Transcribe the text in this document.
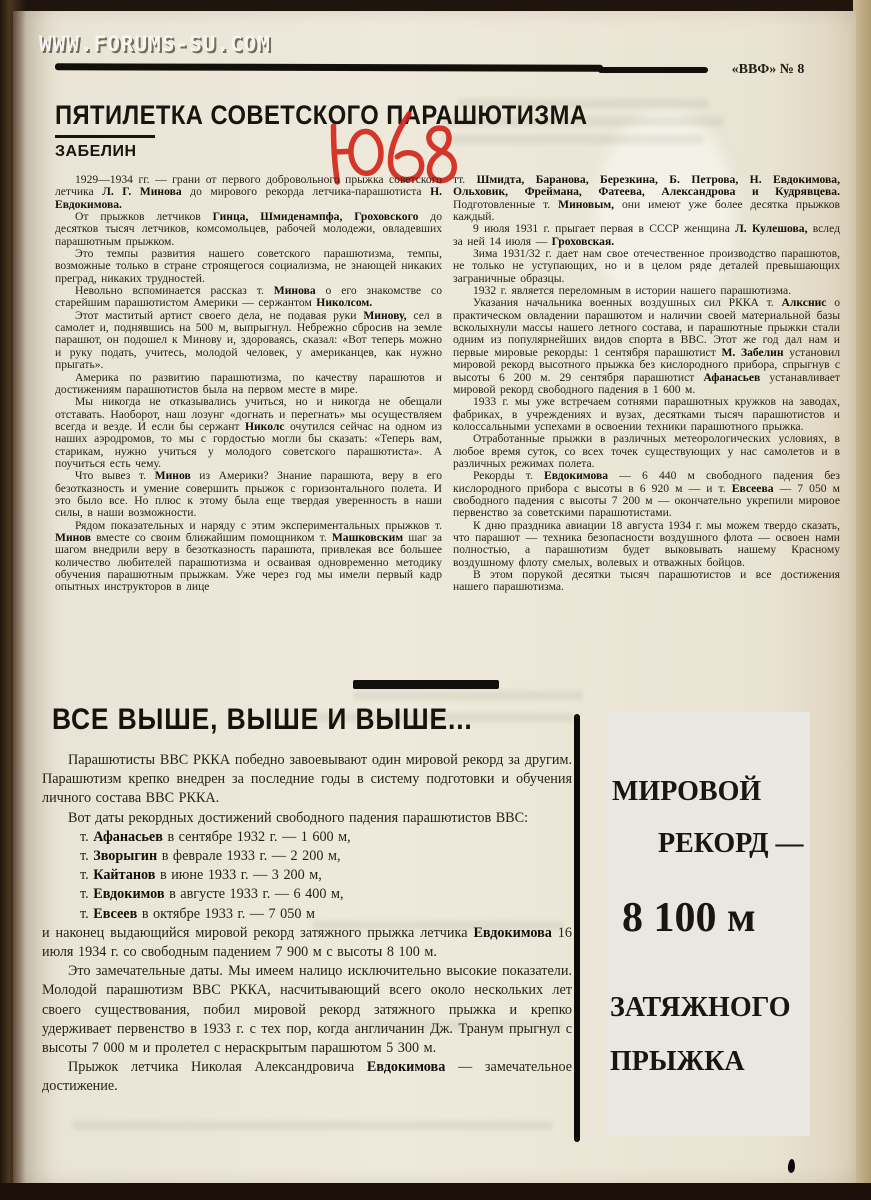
WWW.FORUMS-SU.COM
«ВВФ» № 8
ПЯТИЛЕТКА СОВЕТСКОГО ПАРАШЮТИЗМА
ЗАБЕЛИН

1929—1934 гг. — грани от первого добровольного прыжка советского летчика Л. Г. Минова до мирового рекорда летчика-парашютиста Н. Евдокимова.

От прыжков летчиков Гинца, Шмиденампфа, Гроховского до десятков тысяч летчиков, комсомольцев, рабочей молодежи, овладевших парашютным прыжком.

Это темпы развития нашего советского парашютизма, темпы, возможные только в стране строящегося социализма, не знающей никаких преград, никаких трудностей.

Невольно вспоминается рассказ т. Минова о его знакомстве со старейшим парашютистом Америки — сержантом Николсом.

Этот маститый артист своего дела, не подавая руки Минову, сел в самолет и, поднявшись на 500 м, выпрыгнул. Небрежно сбросив на земле парашют, он подошел к Минову и, здороваясь, сказал: «Вот теперь можно и руку подать, учитесь, молодой человек, у американцев, как нужно прыгать».

Америка по развитию парашютизма, по качеству парашютов и достижениям парашютистов была на первом месте в мире.

Мы никогда не отказывались учиться, но и никогда не обещали отставать. Наоборот, наш лозунг «догнать и перегнать» мы осуществляем всегда и везде. И если бы сержант Николс очутился сейчас на одном из наших аэродромов, то мы с гордостью могли бы сказать: «Теперь вам, старикам, нужно учиться у молодого советского парашютиста». А поучиться есть чему.

Что вывез т. Минов из Америки? Знание парашюта, веру в его безотказность и умение совершить прыжок с горизонтального полета. И это было все. Но плюс к этому была еще твердая уверенность в наши силы, в наши возможности.

Рядом показательных и наряду с этим экспериментальных прыжков т. Минов вместе со своим ближайшим помощником т. Машковским шаг за шагом внедрили веру в безотказность парашюта, привлекая все большее количество любителей парашютизма и осваивая одновременно методику обучения парашютным прыжкам. Уже через год мы имели первый кадр опытных инструкторов в лице

тт. Шмидта, Баранова, Березкина, Б. Петрова, Н. Евдокимова, Ольховик, Фреймана, Фатеева, Александрова и Кудрявцева. Подготовленные т. Миновым, они имеют уже более десятка прыжков каждый.

9 июля 1931 г. прыгает первая в СССР женщина Л. Кулешова, вслед за ней 14 июля — Гроховская.

Зима 1931/32 г. дает нам свое отечественное производство парашютов, не только не уступающих, но и в целом ряде деталей превышающих заграничные образцы.

1932 г. является переломным в истории нашего парашютизма.

Указания начальника военных воздушных сил РККА т. Алкснис о практическом овладении парашютом и наличии своей материальной базы всколыхнули массы нашего летного состава, и парашютные прыжки стали одним из популярнейших видов спорта в ВВС. Этот же год дал нам и первые мировые рекорды: 1 сентября парашютист М. Забелин установил мировой рекорд высотного прыжка без кислородного прибора, спрыгнув с высоты 6 200 м. 29 сентября парашютист Афанасьев устанавливает мировой рекорд свободного падения в 1 600 м.

1933 г. мы уже встречаем сотнями парашютных кружков на заводах, фабриках, в учреждениях и вузах, десятками тысяч парашютистов и колоссальными успехами в освоении техники парашютного прыжка.

Отработанные прыжки в различных метеорологических условиях, в любое время суток, со всех точек существующих у нас самолетов и в различных режимах полета.

Рекорды т. Евдокимова — 6 440 м свободного падения без кислородного прибора с высоты в 6 920 м — и т. Евсеева — 7 050 м свободного падения с высоты 7 200 м — окончательно укрепили мировое первенство за советскими парашютистами.

К дню праздника авиации 18 августа 1934 г. мы можем твердо сказать, что парашют — техника безопасности воздушного флота — освоен нами полностью, а парашютизм будет выковывать нашему Красному воздушному флоту смелых, волевых и отважных бойцов.

В этом порукой десятки тысяч парашютистов и все достижения нашего парашютизма.

ВСЕ ВЫШЕ, ВЫШЕ И ВЫШЕ...

Парашютисты ВВС РККА победно завоевывают один мировой рекорд за другим. Парашютизм крепко внедрен за последние годы в систему подготовки и обучения личного состава ВВС РККА.

Вот даты рекордных достижений свободного падения парашютистов ВВС:

т. Афанасьев в сентябре 1932 г. — 1 600 м,
т. Зворыгин в феврале 1933 г. — 2 200 м,
т. Кайтанов в июне 1933 г. — 3 200 м,
т. Евдокимов в августе 1933 г. — 6 400 м,
т. Евсеев в октябре 1933 г. — 7 050 м

и наконец выдающийся мировой рекорд затяжного прыжка летчика Евдокимова 16 июля 1934 г. со свободным падением 7 900 м с высоты 8 100 м.

Это замечательные даты. Мы имеем налицо исключительно высокие показатели. Молодой парашютизм ВВС РККА, насчитывающий всего около нескольких лет своего существования, побил мировой рекорд затяжного прыжка и крепко удерживает первенство в 1933 г. с тех пор, когда англичанин Дж. Транум прыгнул с высоты 7 000 м и пролетел с нераскрытым парашютом 5 300 м.

Прыжок летчика Николая Александровича Евдокимова — замечательное достижение.

МИРОВОЙ
РЕКОРД —
8 100 м
ЗАТЯЖНОГО
ПРЫЖКА
